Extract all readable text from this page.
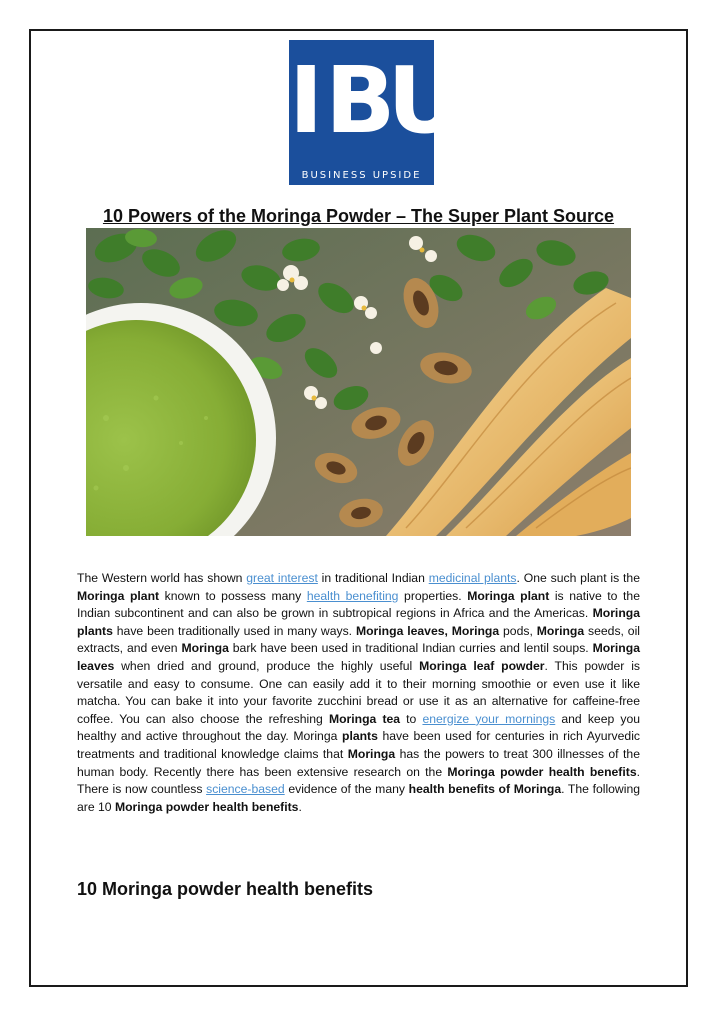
IBU
BUSINESS UPSIDE
10 Powers of the Moringa Powder – The Super Plant Source
The Western world has shown great interest in traditional Indian medicinal plants. One such plant is the Moringa plant known to possess many health benefiting properties. Moringa plant is native to the Indian subcontinent and can also be grown in subtropical regions in Africa and the Americas. Moringa plants have been traditionally used in many ways. Moringa leaves, Moringa pods, Moringa seeds, oil extracts, and even Moringa bark have been used in traditional Indian curries and lentil soups. Moringa leaves when dried and ground, produce the highly useful Moringa leaf powder. This powder is versatile and easy to consume. One can easily add it to their morning smoothie or even use it like matcha. You can bake it into your favorite zucchini bread or use it as an alternative for caffeine-free coffee. You can also choose the refreshing Moringa tea to energize your mornings and keep you healthy and active throughout the day. Moringa plants have been used for centuries in rich Ayurvedic treatments and traditional knowledge claims that Moringa has the powers to treat 300 illnesses of the human body. Recently there has been extensive research on the Moringa powder health benefits. There is now countless science-based evidence of the many health benefits of Moringa. The following are 10 Moringa powder health benefits.
10 Moringa powder health benefits
